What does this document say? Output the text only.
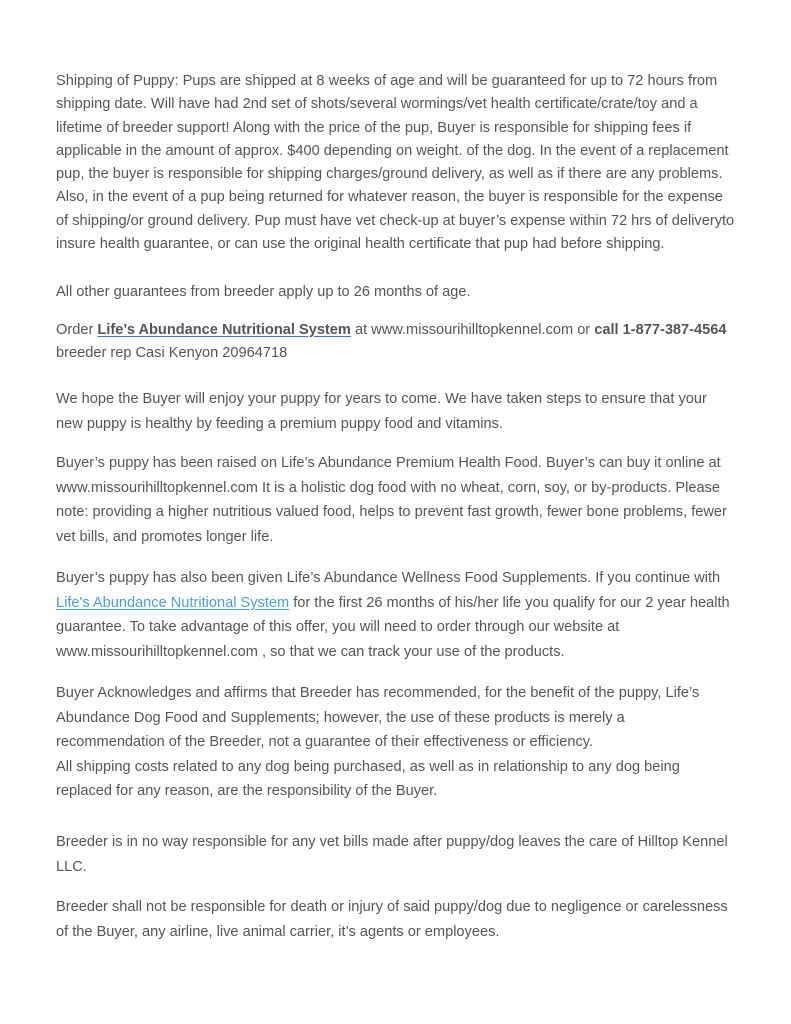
Shipping of Puppy: Pups are shipped at 8 weeks of age and will be guaranteed for up to 72 hours from shipping date. Will have had 2nd set of shots/several wormings/vet health certificate/crate/toy and a lifetime of breeder support! Along with the price of the pup, Buyer is responsible for shipping fees if applicable in the amount of approx. $400 depending on weight. of the dog. In the event of a replacement pup, the buyer is responsible for shipping charges/ground delivery, as well as if there are any problems. Also, in the event of a pup being returned for whatever reason, the buyer is responsible for the expense of shipping/or ground delivery. Pup must have vet check-up at buyer’s expense within 72 hrs of deliveryto insure health guarantee, or can use the original health certificate that pup had before shipping.

All other guarantees from breeder apply up to 26 months of age.

Order Life’s Abundance Nutritional System at www.missourihilltopkennel.com or call 1-877-387-4564
breeder rep Casi Kenyon 20964718

We hope the Buyer will enjoy your puppy for years to come. We have taken steps to ensure that your new puppy is healthy by feeding a premium puppy food and vitamins.

Buyer’s puppy has been raised on Life’s Abundance Premium Health Food. Buyer’s can buy it online at www.missourihilltopkennel.com It is a holistic dog food with no wheat, corn, soy, or by-products. Please note: providing a higher nutritious valued food, helps to prevent fast growth, fewer bone problems, fewer vet bills, and promotes longer life.

Buyer’s puppy has also been given Life’s Abundance Wellness Food Supplements. If you continue with Life's Abundance Nutritional System for the first 26 months of his/her life you qualify for our 2 year health guarantee. To take advantage of this offer, you will need to order through our website at www.missourihilltopkennel.com , so that we can track your use of the products.

Buyer Acknowledges and affirms that Breeder has recommended, for the benefit of the puppy, Life’s Abundance Dog Food and Supplements; however, the use of these products is merely a recommendation of the Breeder, not a guarantee of their effectiveness or efficiency.
All shipping costs related to any dog being purchased, as well as in relationship to any dog being replaced for any reason, are the responsibility of the Buyer.

Breeder is in no way responsible for any vet bills made after puppy/dog leaves the care of Hilltop Kennel LLC.

Breeder shall not be responsible for death or injury of said puppy/dog due to negligence or carelessness of the Buyer, any airline, live animal carrier, it’s agents or employees.
